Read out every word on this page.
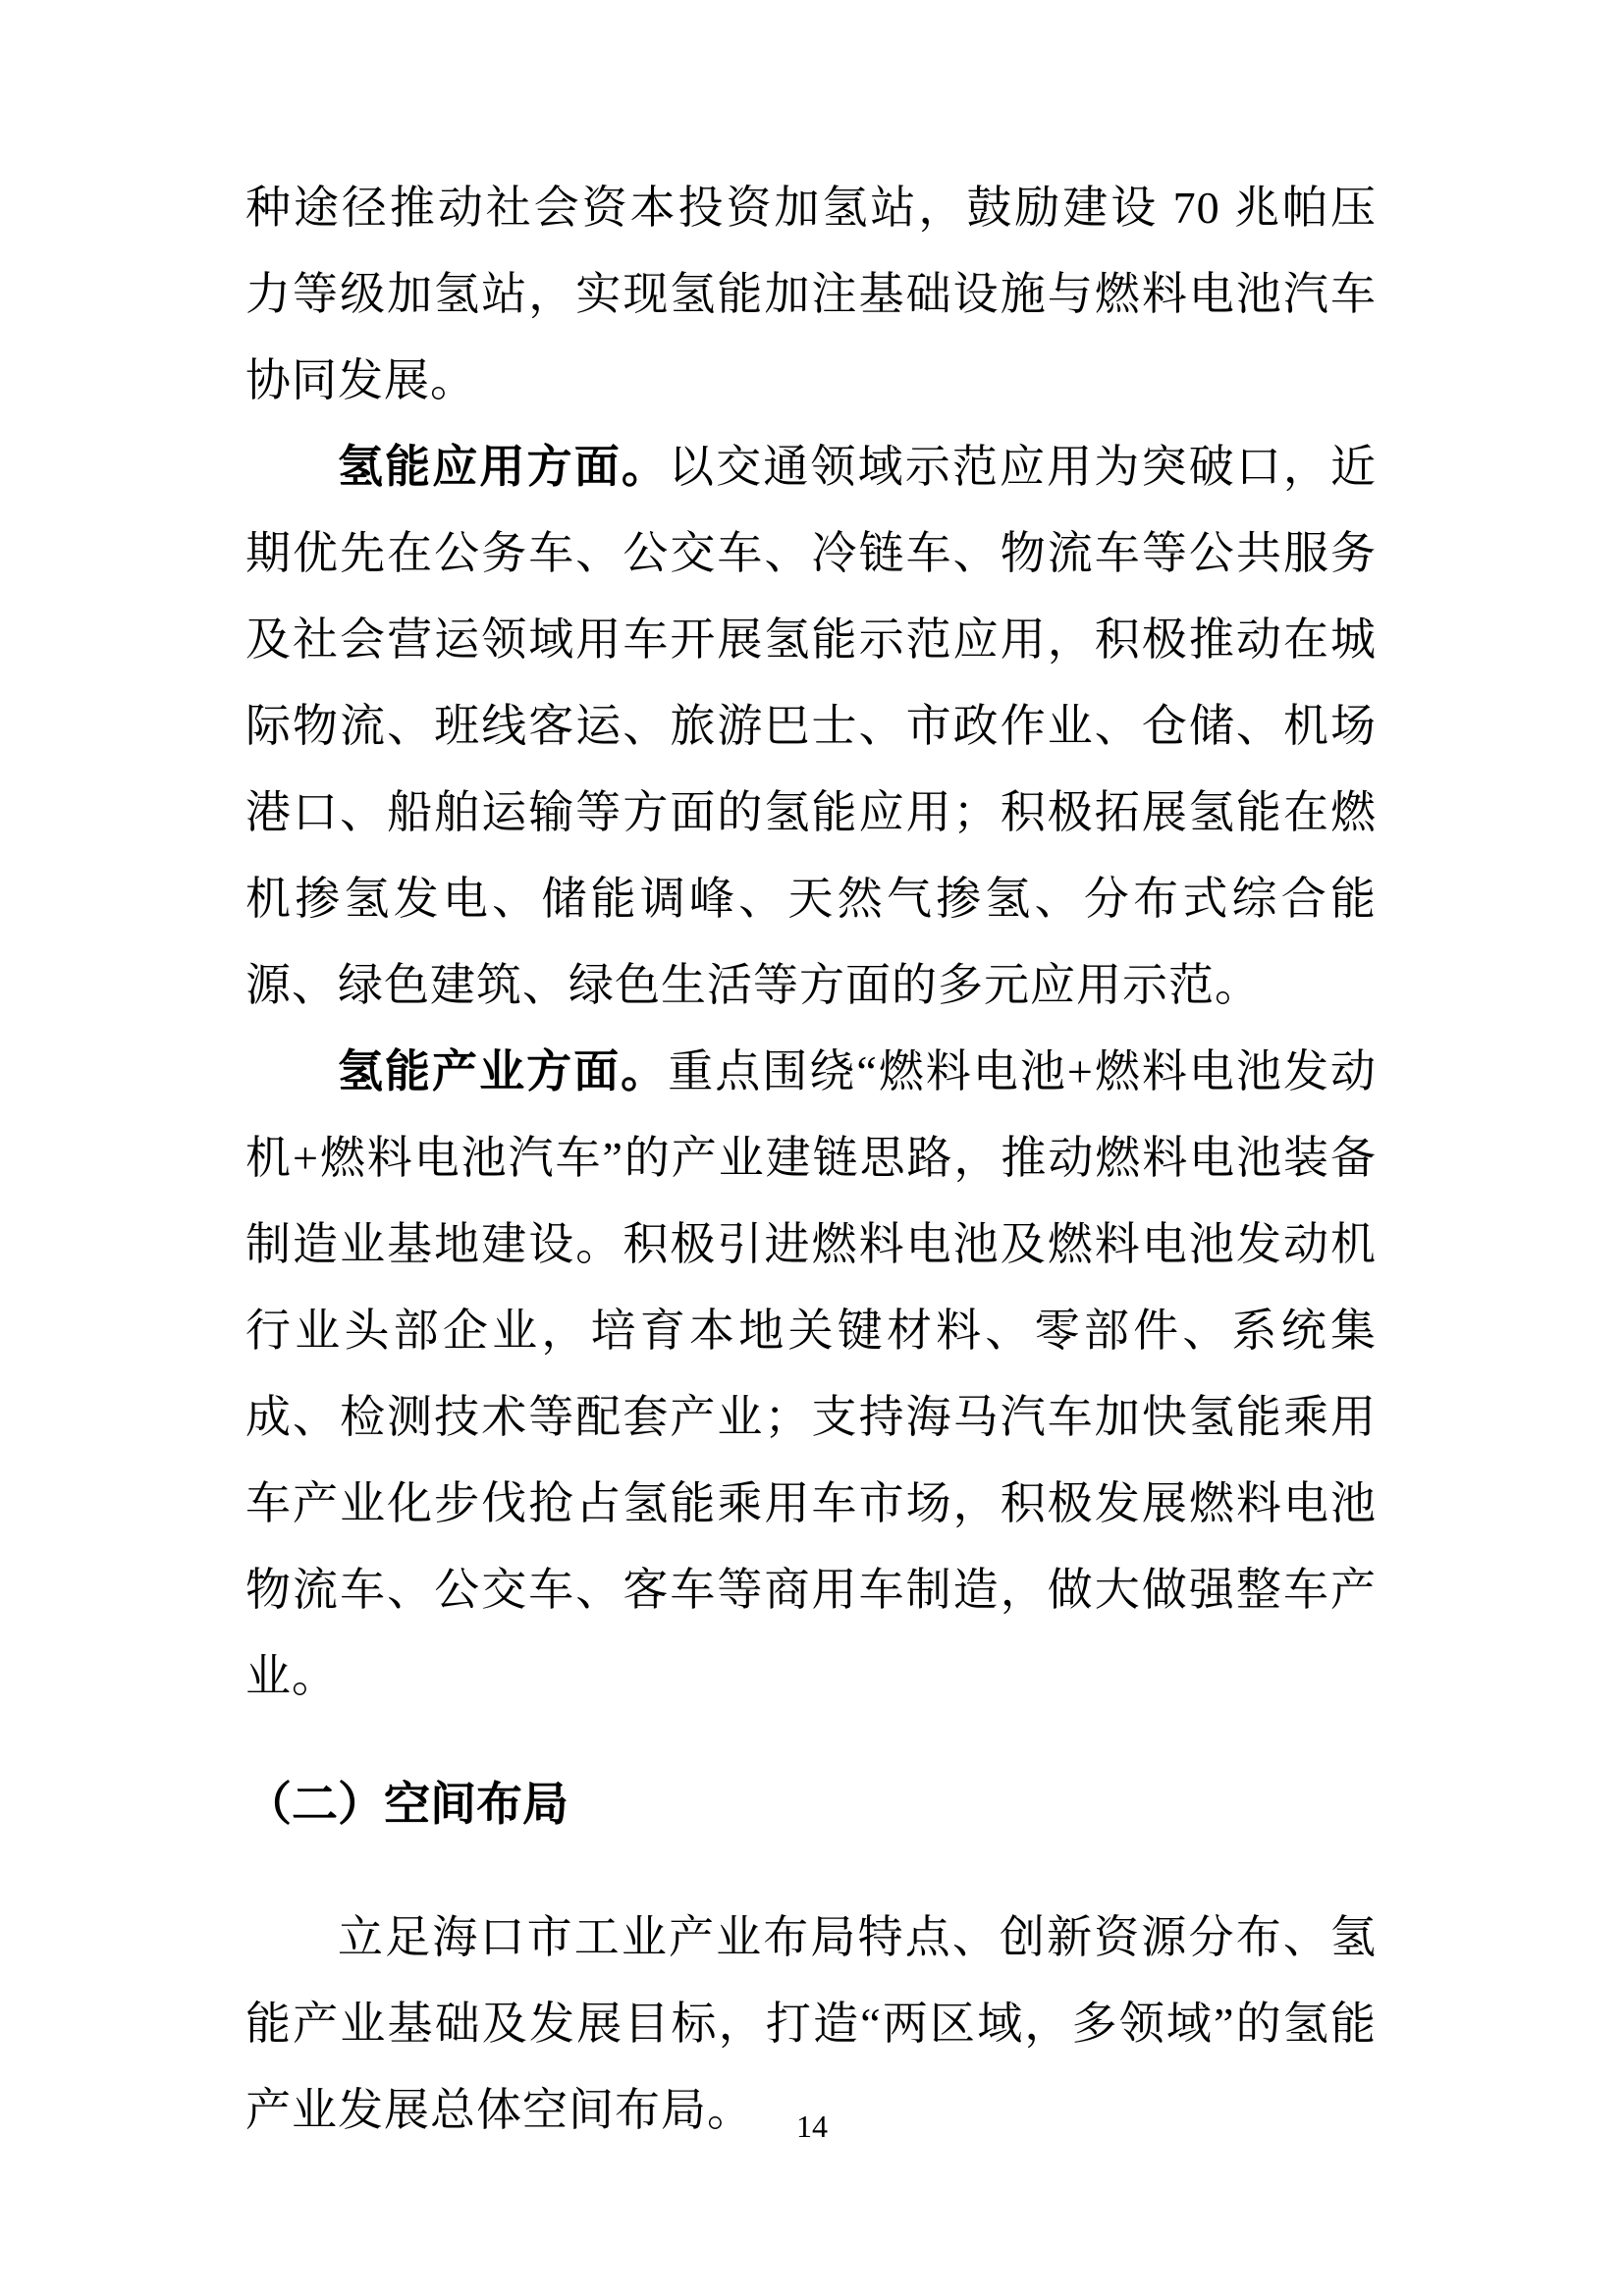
种途径推动社会资本投资加氢站，鼓励建设 70 兆帕压力等级加氢站，实现氢能加注基础设施与燃料电池汽车协同发展。

氢能应用方面。以交通领域示范应用为突破口，近期优先在公务车、公交车、冷链车、物流车等公共服务及社会营运领域用车开展氢能示范应用，积极推动在城际物流、班线客运、旅游巴士、市政作业、仓储、机场港口、船舶运输等方面的氢能应用；积极拓展氢能在燃机掺氢发电、储能调峰、天然气掺氢、分布式综合能源、绿色建筑、绿色生活等方面的多元应用示范。

氢能产业方面。重点围绕“燃料电池+燃料电池发动机+燃料电池汽车”的产业建链思路，推动燃料电池装备制造业基地建设。积极引进燃料电池及燃料电池发动机行业头部企业，培育本地关键材料、零部件、系统集成、检测技术等配套产业；支持海马汽车加快氢能乘用车产业化步伐抢占氢能乘用车市场，积极发展燃料电池物流车、公交车、客车等商用车制造，做大做强整车产业。

（二）空间布局

立足海口市工业产业布局特点、创新资源分布、氢能产业基础及发展目标，打造“两区域，多领域”的氢能产业发展总体空间布局。	14
